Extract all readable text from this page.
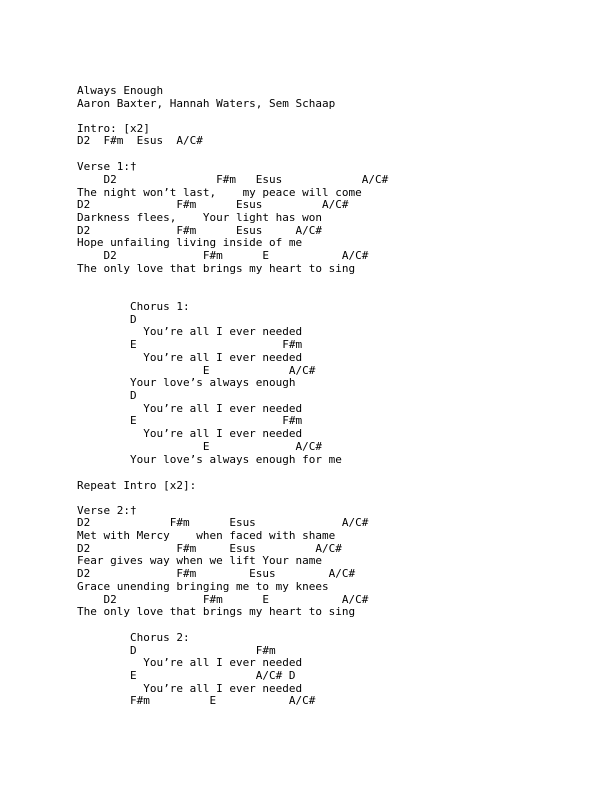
Always Enough
Aaron Baxter, Hannah Waters, Sem Schaap
Intro: [x2]
D2  F#m  Esus  A/C#
Verse 1:†
D2               F#m   Esus            A/C#
The night won’t last,    my peace will come
D2             F#m      Esus         A/C#
Darkness flees,    Your light has won
D2             F#m      Esus     A/C#
Hope unfailing living inside of me
D2             F#m      E           A/C#
The only love that brings my heart to sing
Chorus 1:
D
You’re all I ever needed
E                      F#m
You’re all I ever needed
E            A/C#
Your love’s always enough
D
You’re all I ever needed
E                      F#m
You’re all I ever needed
E             A/C#
Your love’s always enough for me
Repeat Intro [x2]:
Verse 2:†
D2            F#m      Esus             A/C#
Met with Mercy    when faced with shame
D2             F#m     Esus         A/C#
Fear gives way when we lift Your name
D2             F#m        Esus        A/C#
Grace unending bringing me to my knees
D2             F#m      E           A/C#
The only love that brings my heart to sing
Chorus 2:
D                  F#m
You’re all I ever needed
E                  A/C# D
You’re all I ever needed
F#m         E           A/C#
